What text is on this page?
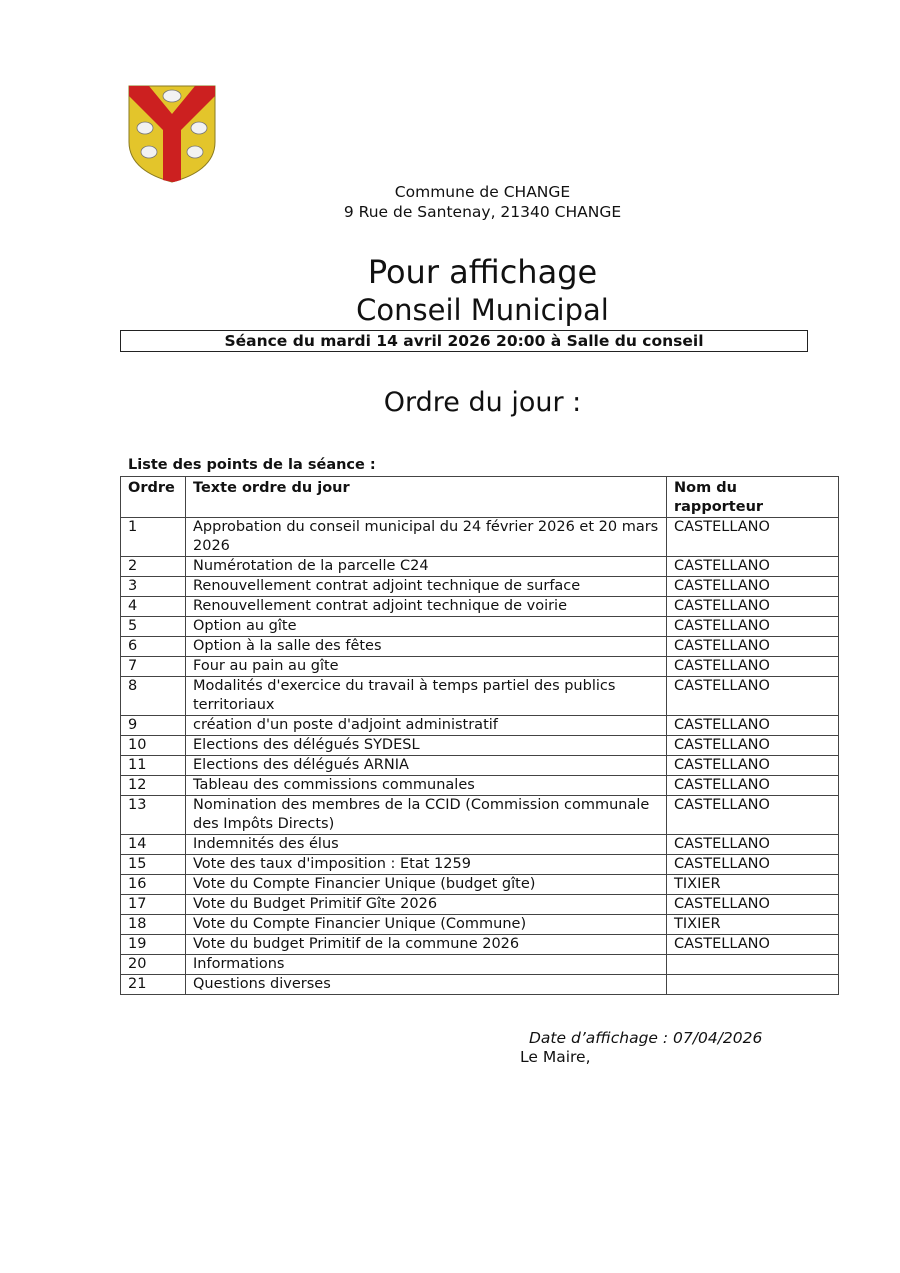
Commune de CHANGE
9 Rue de Santenay, 21340 CHANGE
Pour affichage
Conseil Municipal
Séance du mardi 14 avril 2026 20:00 à Salle du conseil
Ordre du jour :
Liste des points de la séance :
Ordre	Texte ordre du jour	Nom du rapporteur
1	Approbation du conseil municipal du 24 février 2026 et 20 mars 2026	CASTELLANO
2	Numérotation de la parcelle C24	CASTELLANO
3	Renouvellement contrat adjoint technique de surface	CASTELLANO
4	Renouvellement contrat adjoint technique de voirie	CASTELLANO
5	Option au gîte	CASTELLANO
6	Option à la salle des fêtes	CASTELLANO
7	Four au pain au gîte	CASTELLANO
8	Modalités d'exercice du travail à temps partiel des publics territoriaux	CASTELLANO
9	création d'un poste d'adjoint administratif	CASTELLANO
10	Elections des délégués SYDESL	CASTELLANO
11	Elections des délégués ARNIA	CASTELLANO
12	Tableau des commissions communales	CASTELLANO
13	Nomination des membres de la CCID (Commission communale des Impôts Directs)	CASTELLANO
14	Indemnités des élus	CASTELLANO
15	Vote des taux d'imposition : Etat 1259	CASTELLANO
16	Vote du Compte Financier Unique (budget gîte)	TIXIER
17	Vote du Budget Primitif Gîte 2026	CASTELLANO
18	Vote du Compte Financier Unique (Commune)	TIXIER
19	Vote du budget Primitif de la commune 2026	CASTELLANO
20	Informations	
21	Questions diverses	
Date d’affichage : 07/04/2026
Le Maire,
